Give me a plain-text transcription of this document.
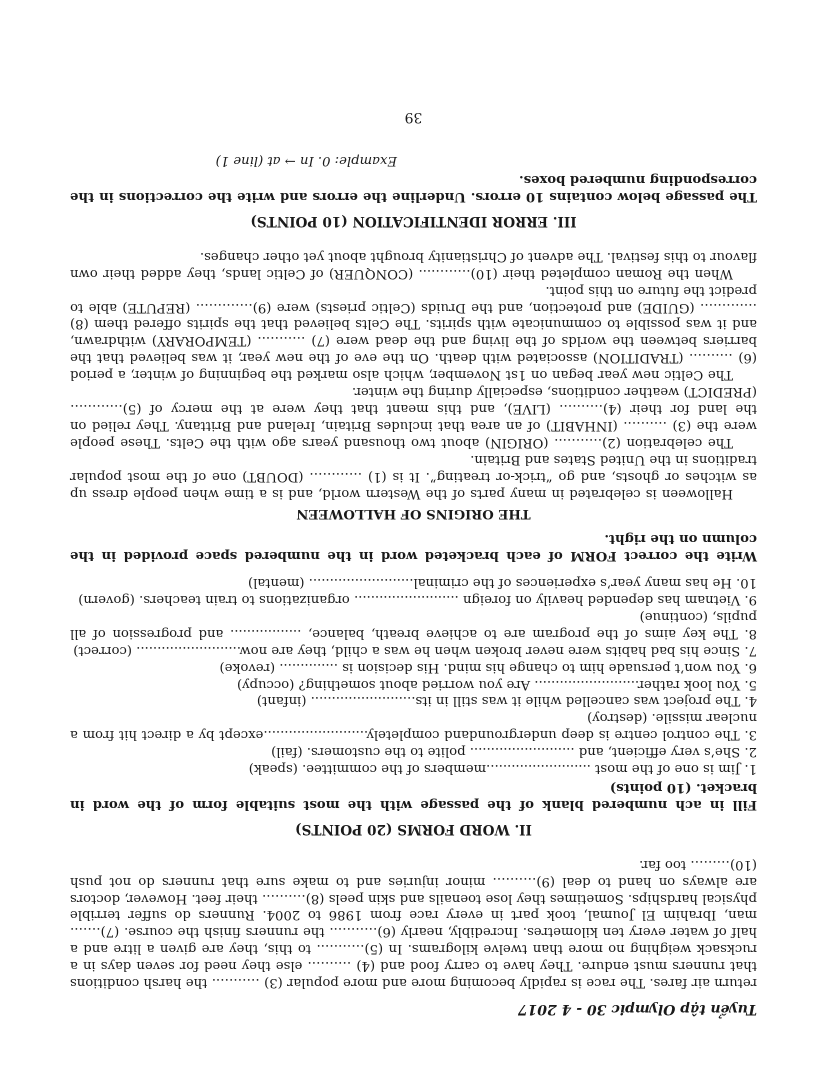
Tuyển tập Olympic 30 - 4 2017

return air fares. The race is rapidly becoming more and more popular (3) ……….. the harsh conditions that runners must endure. They have to carry food and (4) ………. else they need for seven days in a rucksack weighing no more than twelve kilograms. In (5)……….. to this, they are given a litre and a half of water every ten kilometres. Incredibly, nearly (6)……….. the runners finish the course. (7)……. man, Ibrahim El Joumal, took part in every race from 1986 to 2004. Runners do suffer terrible physical hardships. Sometimes they lose toenails and skin peels (8)………. their feet. However, doctors are always on hand to deal (9)………. minor injuries and to make sure that runners do not push (10)……… too far.

II. WORD FORMS (20 POINTS)

Fill in ach numbered blank of the passage with the most suitable form of the word in bracket. (10 points)

1. Jim is one of the most .........................members of the committee. (speak)

2. She’s very efficient, and ......................... polite to the customers. (fail)

3. The control centre is deep undergroundand completely.........................except by a direct hit from a nuclear missile. (destroy)

4. The project was cancelled while it was still in its......................... (infant)

5. You look rather......................... Are you worried about something? (occupy)

6. You won’t persuade him to change his mind. His decision is .............. (revoke)

7. Since his bad habits were never broken when he was a child, they are now......................... (correct)

8. The key aims of the program are to achieve breath, balance, ................. and progression of all pupils, (continue)

9. Vietnam has depended heavily on foreign ......................... organizations to train teachers. (govern)

10. He has many year’s experiences of the criminal......................... (mental)

Write the correct FORM of each bracketed word in the numbered space provided in the column on the right.

THE ORIGINS OF HALLOWEEN

Halloween is celebrated in many parts of the Western world, and is a time when people dress up as witches or ghosts, and go “trick-or treating”. It is (1) ………… (DOUBT) one of the most popular traditions in the United States and Britain.

The celebration (2)……….. (ORIGIN) about two thousand years ago with the Celts. These people were the (3) ………. (INHABIT) of an area that includes Britain, Ireland and Brittany. They relied on the land for their (4)………. (LIVE), and this meant that they were at the mercy of (5)…………(PREDICT) weather conditions, especially during the winter.

The Celtic new year began on 1st November, which also marked the beginning of winter, a period (6) ………. (TRADITION) associated with death. On the eve of the new year, it was believed that the barriers between the worlds of the living and the dead were (7) ……….. (TEMPORARY) withdrawn, and it was possible to communicate with spirits. The Celts believed that the spirits offered them (8) …………. (GUIDE) and protection, and the Druids (Celtic priests) were (9)…………. (REPUTE) able to predict the future on this point.

When the Roman completed their (10)………... (CONQUER) of Celtic lands, they added their own flavour to this festival. The advent of Christianity brought about yet other changes.

III. ERROR IDENTIFICATION (10 POINTS)

The passage below contains 10 errors. Underline the errors and write the corrections in the corresponding numbered boxes.

Example: 0. In → at (line 1)

39
